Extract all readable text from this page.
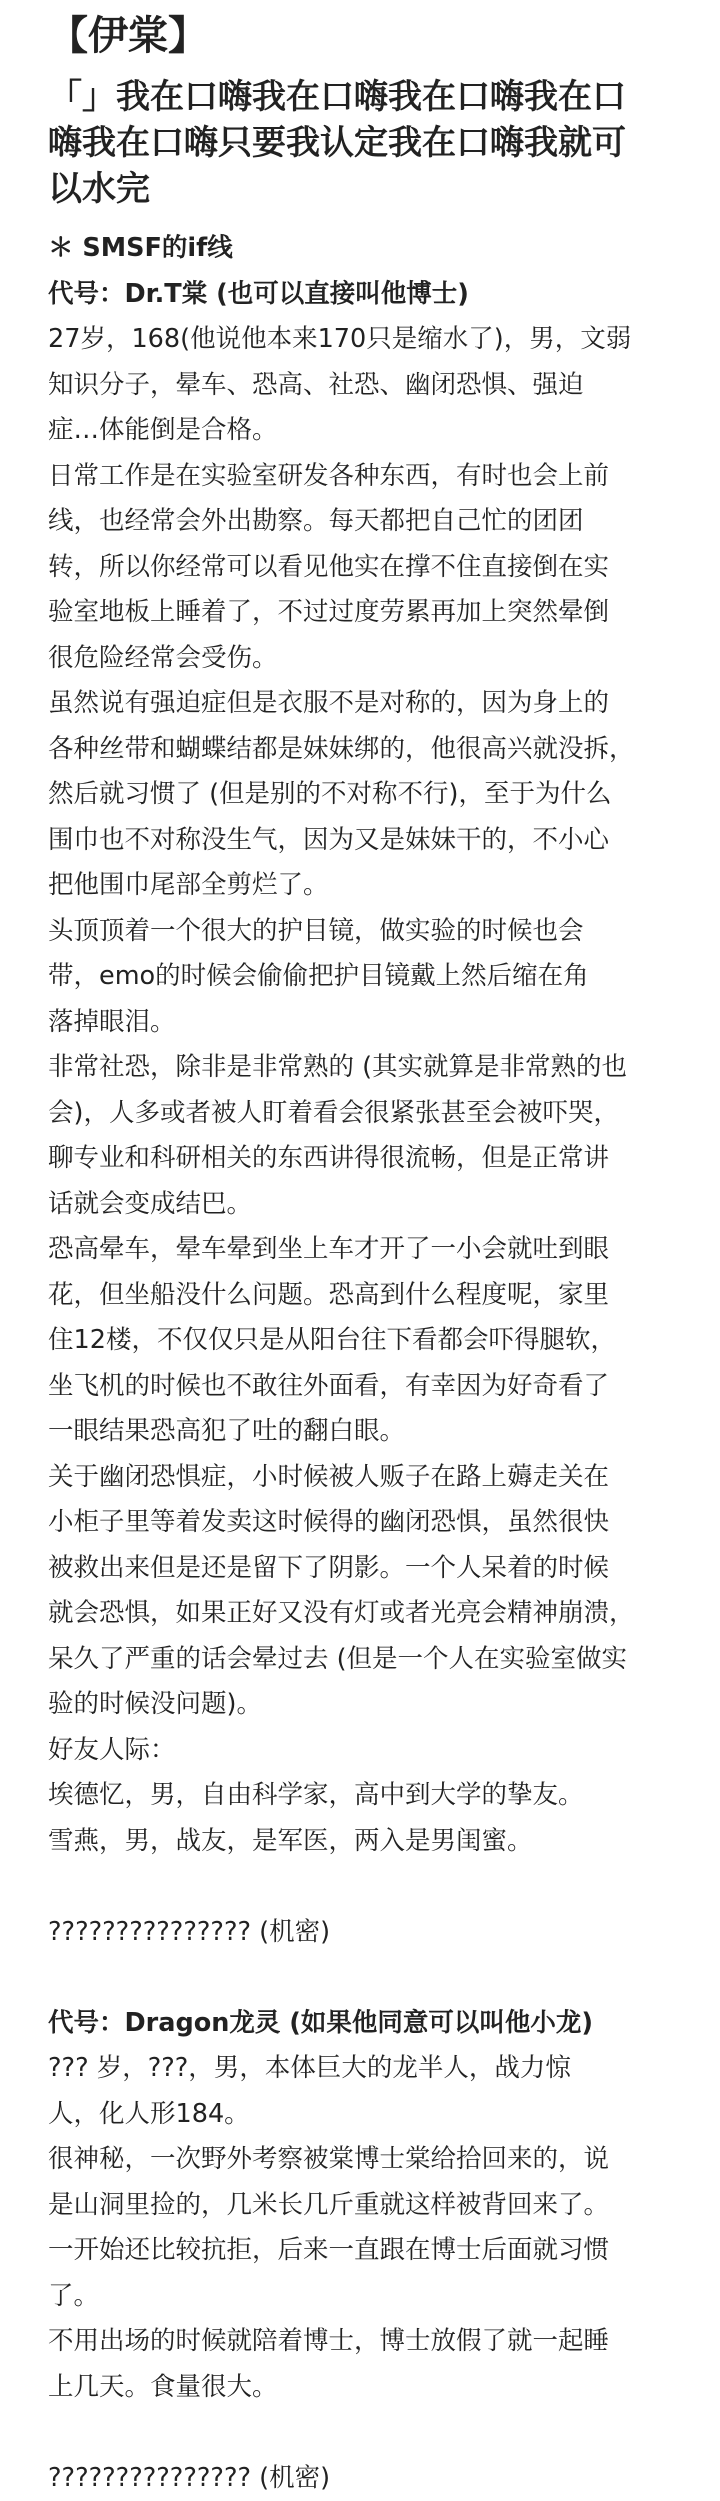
【伊棠】
「」我在口嗨我在口嗨我在口嗨我在口
嗨我在口嗨只要我认定我在口嗨我就可
以水完
＊ SMSF的if线
代号：Dr.T棠 (也可以直接叫他博士)
27岁，168(他说他本来170只是缩水了)，男，文弱
知识分子，晕车、恐高、社恐、幽闭恐惧、强迫
症…体能倒是合格。
日常工作是在实验室研发各种东西，有时也会上前
线，也经常会外出勘察。每天都把自己忙的团团
转，所以你经常可以看见他实在撑不住直接倒在实
验室地板上睡着了，不过过度劳累再加上突然晕倒
很危险经常会受伤。
虽然说有强迫症但是衣服不是对称的，因为身上的
各种丝带和蝴蝶结都是妹妹绑的，他很高兴就没拆，
然后就习惯了 (但是别的不对称不行)，至于为什么
围巾也不对称没生气，因为又是妹妹干的，不小心
把他围巾尾部全剪烂了。
头顶顶着一个很大的护目镜，做实验的时候也会
带，emo的时候会偷偷把护目镜戴上然后缩在角
落掉眼泪。
非常社恐，除非是非常熟的 (其实就算是非常熟的也
会)，人多或者被人盯着看会很紧张甚至会被吓哭，
聊专业和科研相关的东西讲得很流畅，但是正常讲
话就会变成结巴。
恐高晕车，晕车晕到坐上车才开了一小会就吐到眼
花，但坐船没什么问题。恐高到什么程度呢，家里
住12楼，不仅仅只是从阳台往下看都会吓得腿软，
坐飞机的时候也不敢往外面看，有幸因为好奇看了
一眼结果恐高犯了吐的翻白眼。
关于幽闭恐惧症，小时候被人贩子在路上薅走关在
小柜子里等着发卖这时候得的幽闭恐惧，虽然很快
被救出来但是还是留下了阴影。一个人呆着的时候
就会恐惧，如果正好又没有灯或者光亮会精神崩溃，
呆久了严重的话会晕过去 (但是一个人在实验室做实
验的时候没问题)。
好友人际：
埃德忆，男，自由科学家，高中到大学的挚友。
雪燕，男，战友，是军医，两入是男闺蜜。
??????????????? (机密)
代号：Dragon龙灵 (如果他同意可以叫他小龙)
??? 岁，???，男，本体巨大的龙半人，战力惊
人，化人形184。
很神秘，一次野外考察被棠博士棠给拾回来的，说
是山洞里捡的，几米长几斤重就这样被背回来了。
一开始还比较抗拒，后来一直跟在博士后面就习惯
了。
不用出场的时候就陪着博士，博士放假了就一起睡
上几天。食量很大。
??????????????? (机密)
